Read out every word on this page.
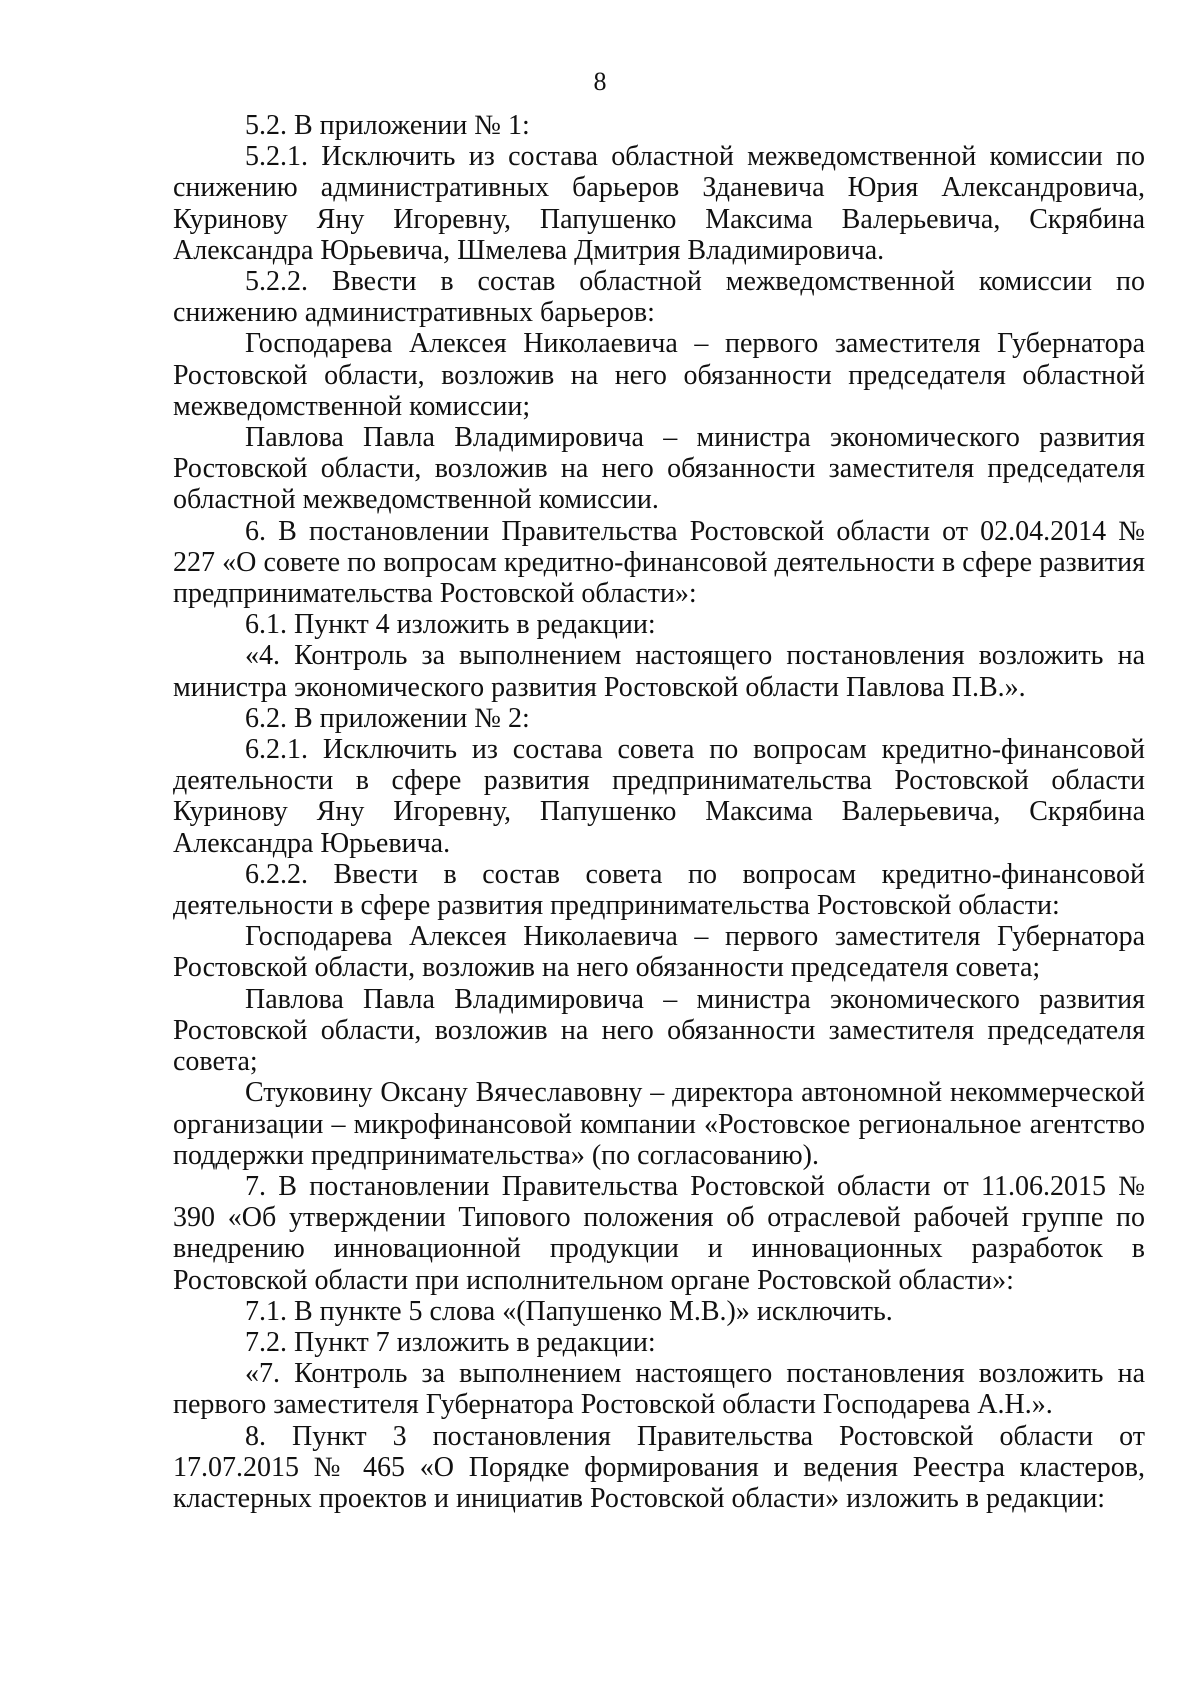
8

5.2. В приложении № 1:

5.2.1. Исключить из состава областной межведомственной комиссии по снижению административных барьеров Зданевича Юрия Александровича, Куринову Яну Игоревну, Папушенко Максима Валерьевича, Скрябина Александра Юрьевича, Шмелева Дмитрия Владимировича.

5.2.2. Ввести в состав областной межведомственной комиссии по снижению административных барьеров:

Господарева Алексея Николаевича – первого заместителя Губернатора Ростовской области, возложив на него обязанности председателя областной межведомственной комиссии;

Павлова Павла Владимировича – министра экономического развития Ростовской области, возложив на него обязанности заместителя председателя областной межведомственной комиссии.

6. В постановлении Правительства Ростовской области от 02.04.2014 № 227 «О совете по вопросам кредитно-финансовой деятельности в сфере развития предпринимательства Ростовской области»:

6.1. Пункт 4 изложить в редакции:

«4. Контроль за выполнением настоящего постановления возложить на министра экономического развития Ростовской области Павлова П.В.».

6.2. В приложении № 2:

6.2.1. Исключить из состава совета по вопросам кредитно-финансовой деятельности в сфере развития предпринимательства Ростовской области Куринову Яну Игоревну, Папушенко Максима Валерьевича, Скрябина Александра Юрьевича.

6.2.2. Ввести в состав совета по вопросам кредитно-финансовой деятельности в сфере развития предпринимательства Ростовской области:

Господарева Алексея Николаевича – первого заместителя Губернатора Ростовской области, возложив на него обязанности председателя совета;

Павлова Павла Владимировича – министра экономического развития Ростовской области, возложив на него обязанности заместителя председателя совета;

Стуковину Оксану Вячеславовну – директора автономной некоммерческой организации – микрофинансовой компании «Ростовское региональное агентство поддержки предпринимательства» (по согласованию).

7. В постановлении Правительства Ростовской области от 11.06.2015 № 390 «Об утверждении Типового положения об отраслевой рабочей группе по внедрению инновационной продукции и инновационных разработок в Ростовской области при исполнительном органе Ростовской области»:

7.1. В пункте 5 слова «(Папушенко М.В.)» исключить.

7.2. Пункт 7 изложить в редакции:

«7. Контроль за выполнением настоящего постановления возложить на первого заместителя Губернатора Ростовской области Господарева А.Н.».

8. Пункт 3 постановления Правительства Ростовской области от 17.07.2015 № 465 «О Порядке формирования и ведения Реестра кластеров, кластерных проектов и инициатив Ростовской области» изложить в редакции:
